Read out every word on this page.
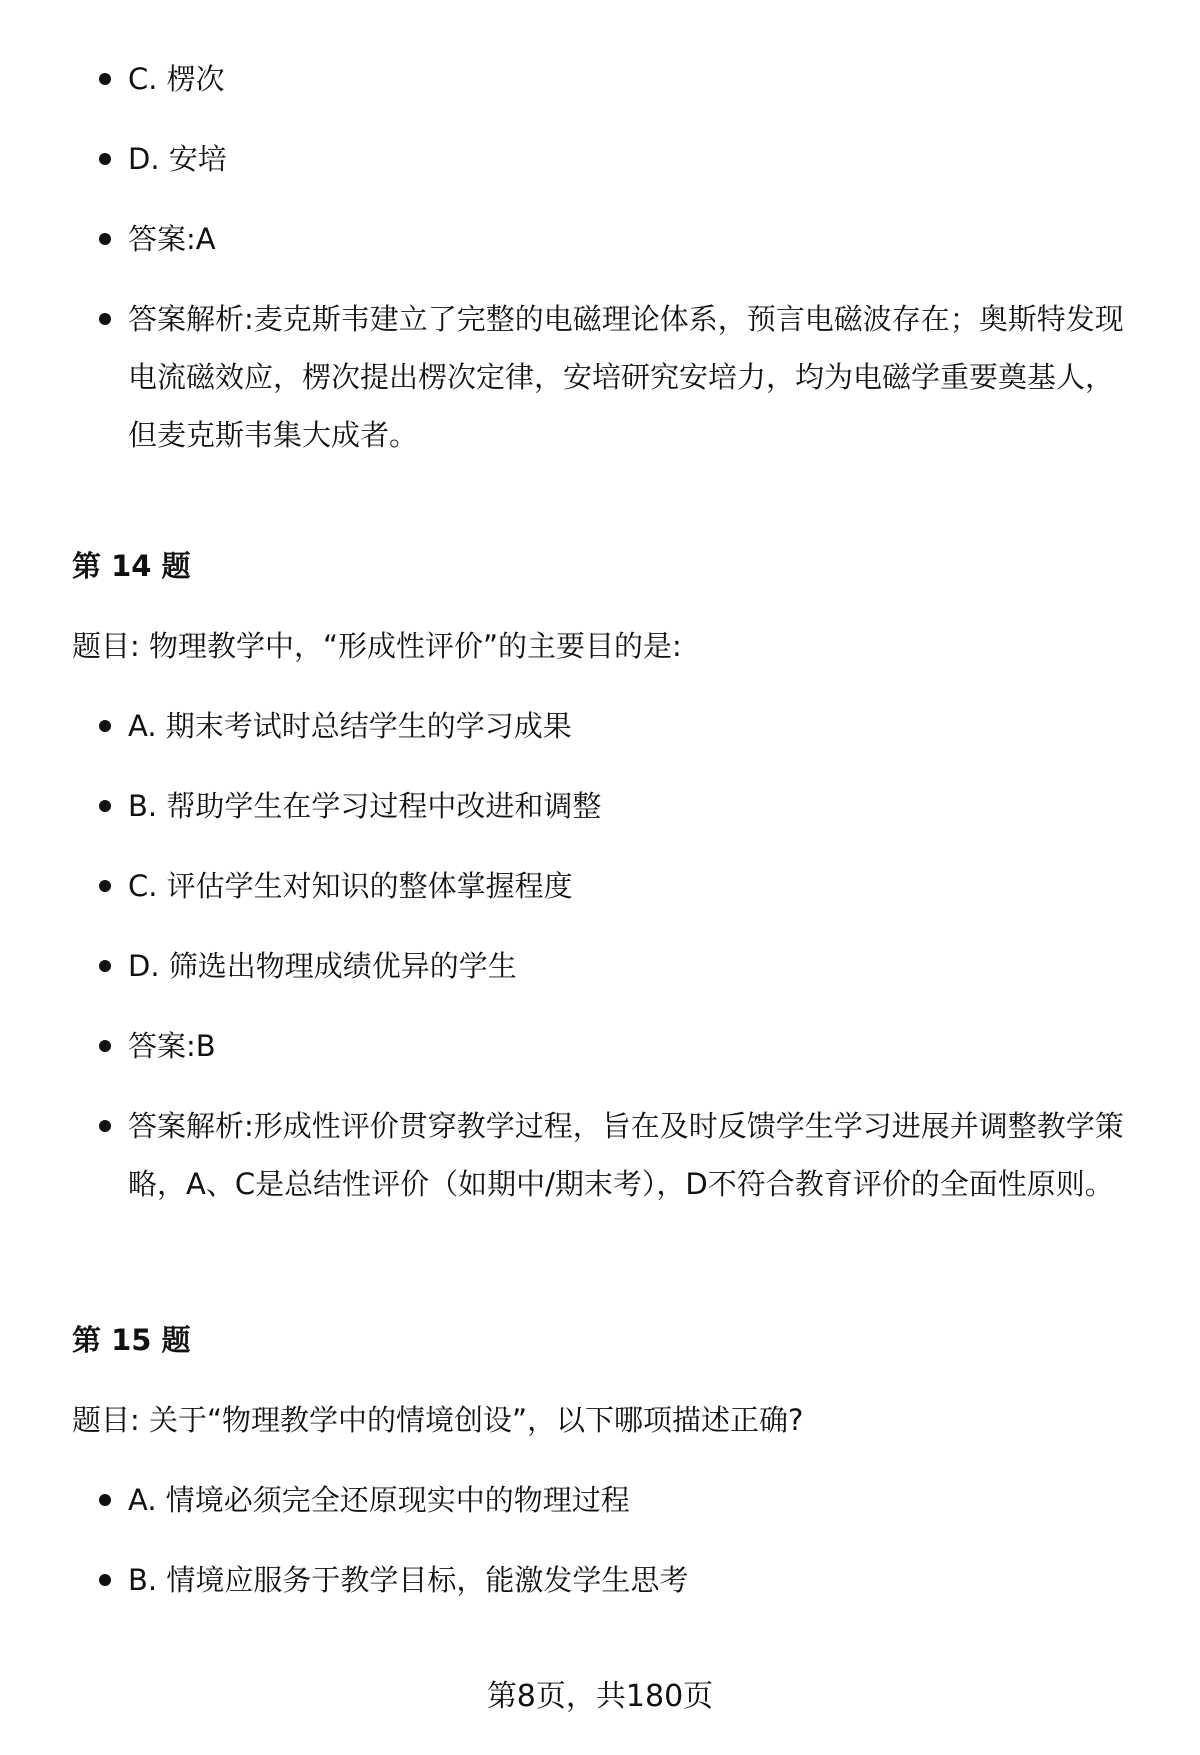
C. 楞次
D. 安培
答案:A
答案解析:麦克斯韦建立了完整的电磁理论体系，预言电磁波存在；奥斯特发现电流磁效应，楞次提出楞次定律，安培研究安培力，均为电磁学重要奠基人，但麦克斯韦集大成者。
第 14 题

题目: 物理教学中，“形成性评价”的主要目的是:

A. 期末考试时总结学生的学习成果
B. 帮助学生在学习过程中改进和调整
C. 评估学生对知识的整体掌握程度
D. 筛选出物理成绩优异的学生
答案:B
答案解析:形成性评价贯穿教学过程，旨在及时反馈学生学习进展并调整教学策略，A、C是总结性评价（如期中/期末考），D不符合教育评价的全面性原则。
第 15 题

题目: 关于“物理教学中的情境创设”，以下哪项描述正确?

A. 情境必须完全还原现实中的物理过程
B. 情境应服务于教学目标，能激发学生思考
第8页，共180页
